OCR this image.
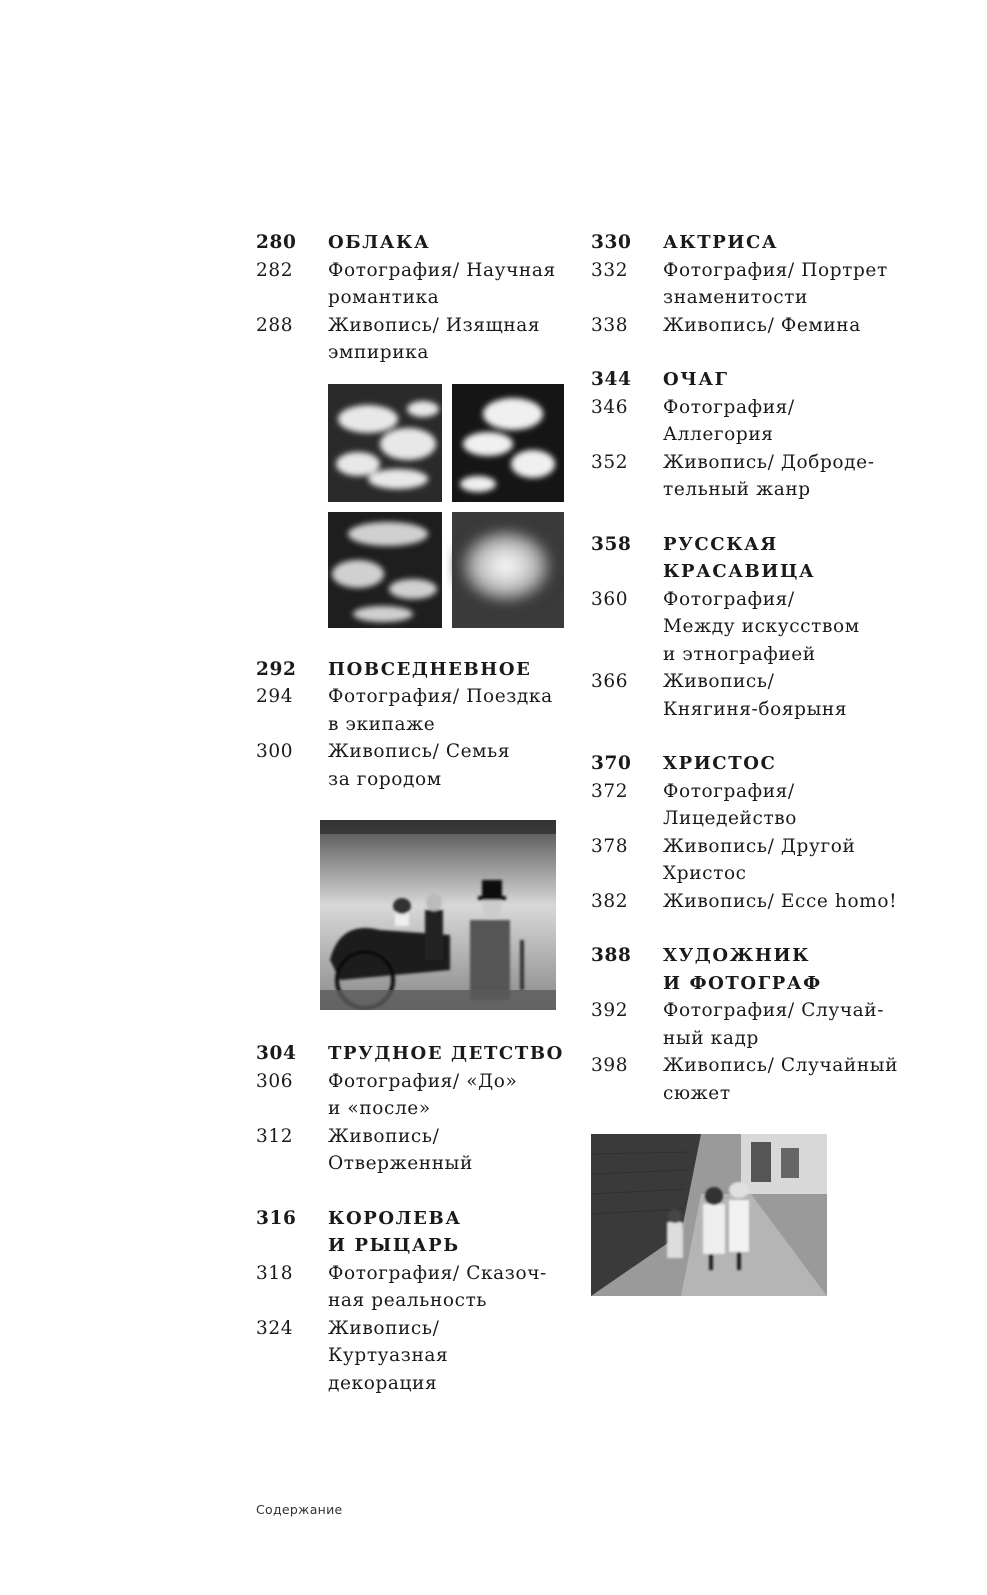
280	ОБЛАКА
282	Фотография/ Научная
романтика
288	Живопись/ Изящная
эмпирика
292	ПОВСЕДНЕВНОЕ
294	Фотография/ Поездка
в экипаже
300	Живопись/ Семья
за городом
304	ТРУДНОЕ ДЕТСТВО
306	Фотография/ «До»
и «после»
312	Живопись/
Отверженный
316	КОРОЛЕВА
И РЫЦАРЬ
318	Фотография/ Сказоч-
ная реальность
324	Живопись/ Куртуазная
декорация
330	АКТРИСА
332	Фотография/ Портрет
знаменитости
338	Живопись/ Фемина
344	ОЧАГ
346	Фотография/
Аллегория
352	Живопись/ Доброде-
тельный жанр
358	РУССКАЯ
КРАСАВИЦА
360	Фотография/
Между искусством
и этнографией
366	Живопись/
Княгиня-боярыня
370	ХРИСТОС
372	Фотография/
Лицедейство
378	Живопись/ Другой
Христос
382	Живопись/ Ecce homo!
388	ХУДОЖНИК
И ФОТОГРАФ
392	Фотография/ Случай-
ный кадр
398	Живопись/ Случайный
сюжет
Содержание
